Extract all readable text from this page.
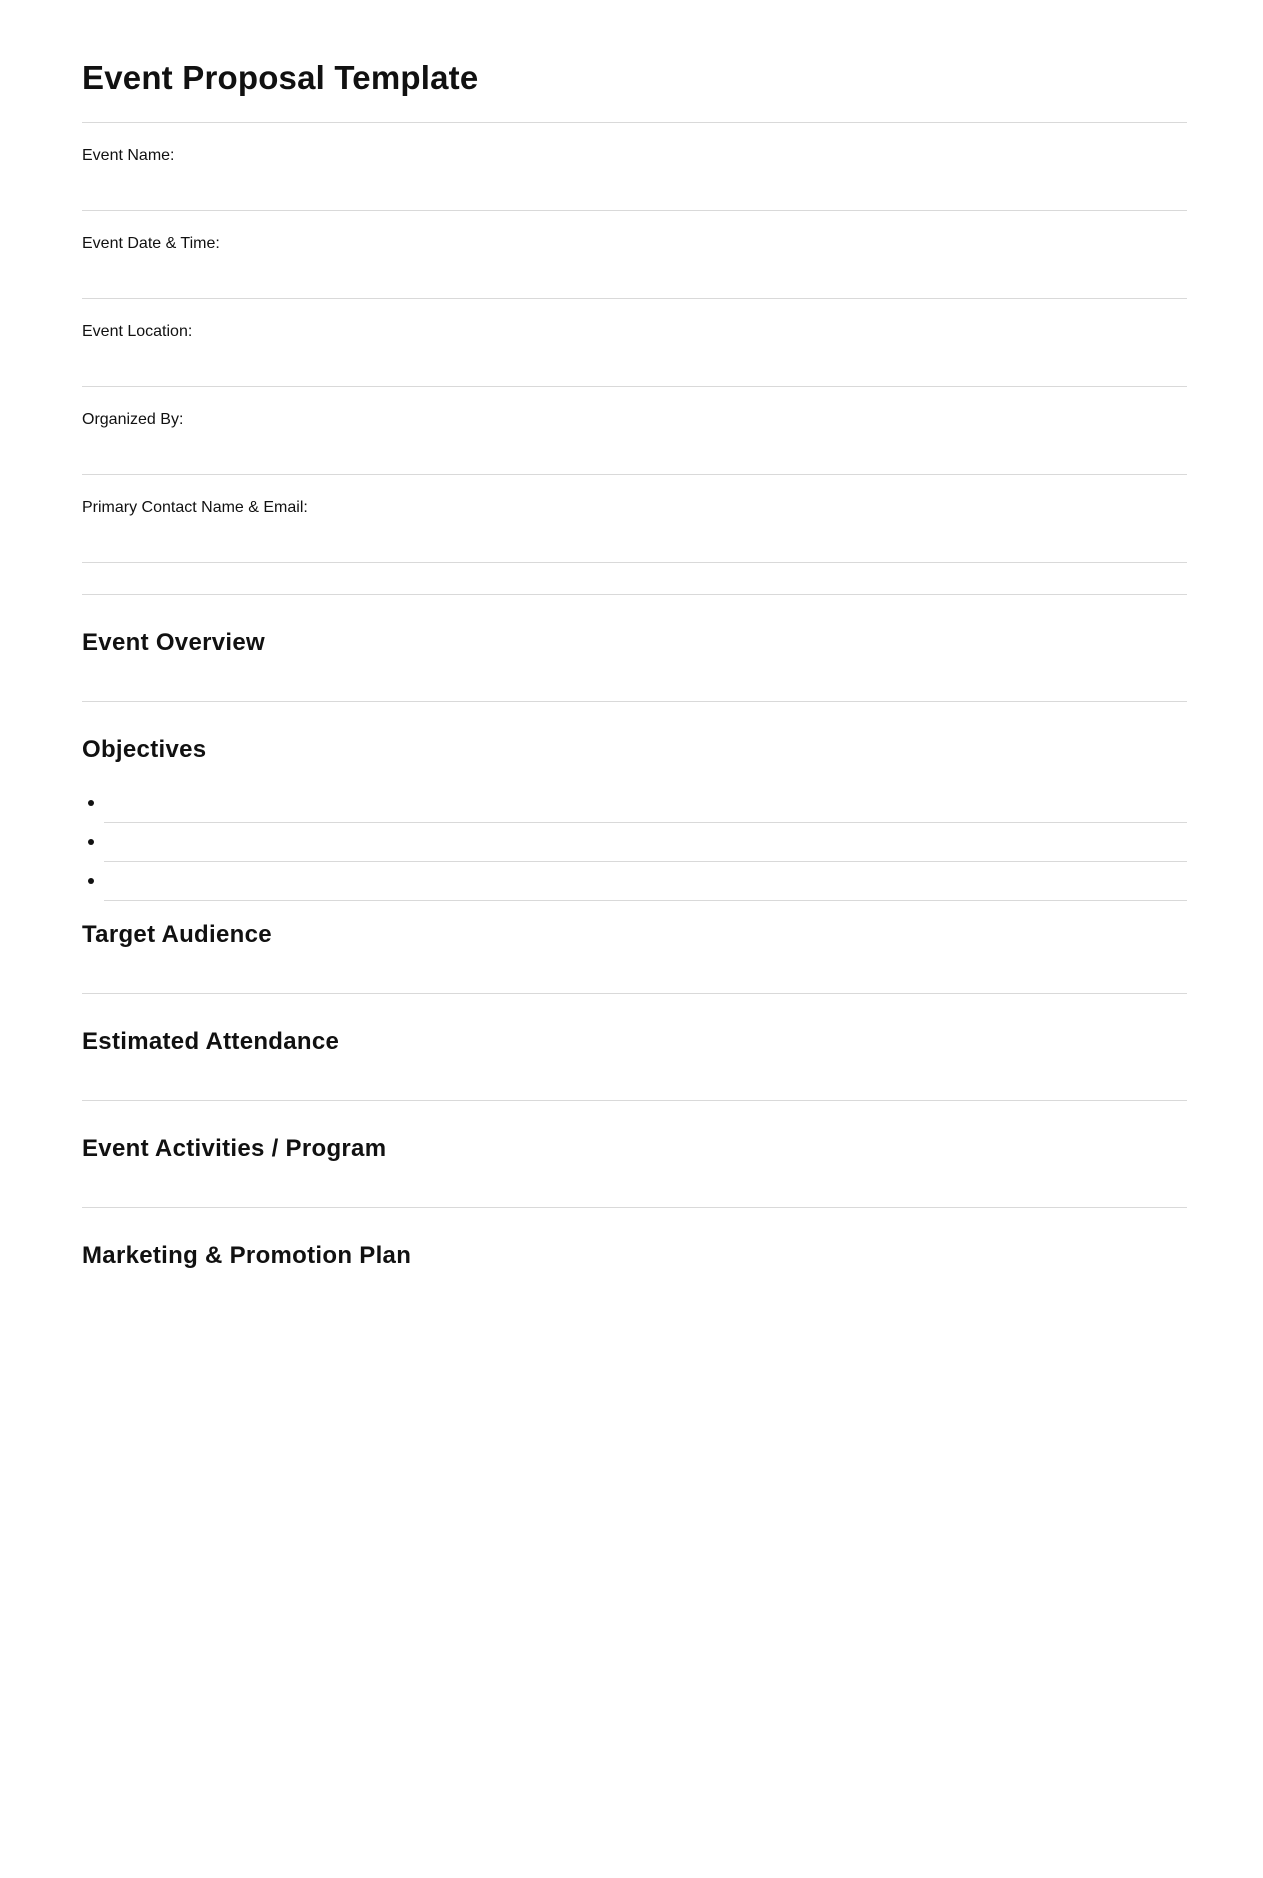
Event Proposal Template
Event Name:
Event Date & Time:
Event Location:
Organized By:
Primary Contact Name & Email:
Event Overview
Objectives
Target Audience
Estimated Attendance
Event Activities / Program
Marketing & Promotion Plan
